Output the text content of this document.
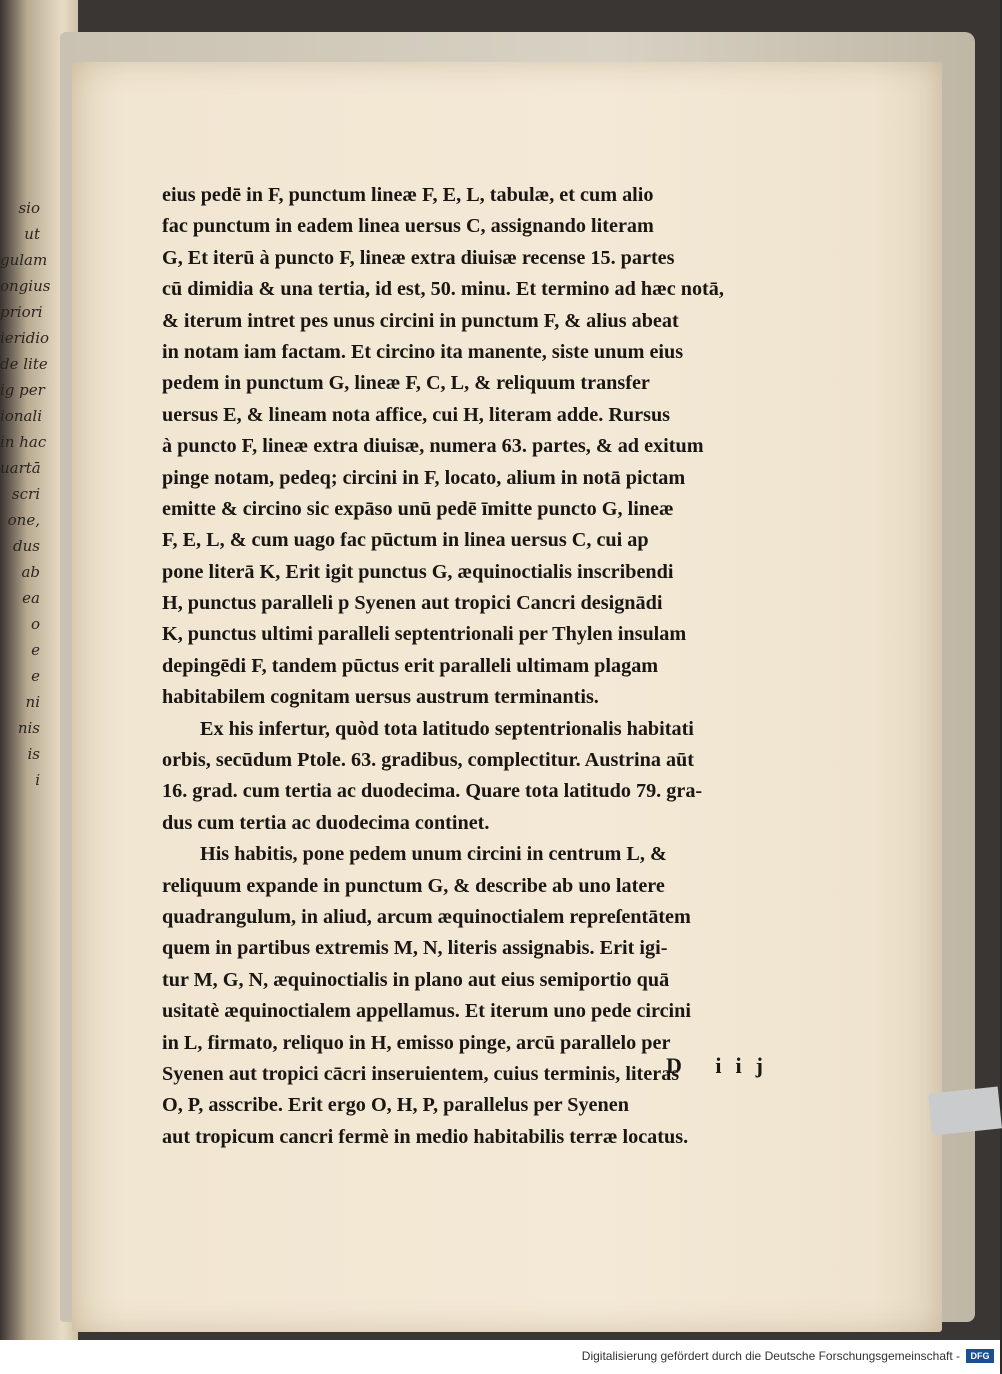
sio
ut
gulam
ongius
priori
ieridio
de lite
ig per
ionali
in hac
uartā
scri
one,
dus
ab
ea
o
e
e
ni
nis
is
i
eius pedē in F, punctum lineæ F, E, L, tabulæ, et cum alio
fac punctum in eadem linea uersus C, assignando literam
G, Et iterū à puncto F, lineæ extra diuisæ recense 15. partes
cū dimidia & una tertia, id est, 50. minu. Et termino ad hæc notā,
& iterum intret pes unus circini in punctum F, & alius abeat
in notam iam factam. Et circino ita manente, siste unum eius
pedem in punctum G, lineæ F, C, L, & reliquum transfer
uersus E, & lineam nota affice, cui H, literam adde. Rursus
à puncto F, lineæ extra diuisæ, numera 63. partes, & ad exitum
pinge notam, pedeq; circini in F, locato, alium in notā pictam
emitte & circino sic expāso unū pedē īmitte puncto G, lineæ
F, E, L, & cum uago fac pūctum in linea uersus C, cui ap
pone literā K, Erit igit punctus G, æquinoctialis inscribendi
H, punctus paralleli p Syenen aut tropici Cancri designādi
K, punctus ultimi paralleli septentrionali per Thylen insulam
depingēdi F, tandem pūctus erit paralleli ultimam plagam
habitabilem cognitam uersus austrum terminantis.
Ex his infertur, quòd tota latitudo septentrionalis habitati
orbis, secūdum Ptole. 63. gradibus, complectitur. Austrina aūt
16. grad. cum tertia ac duodecima. Quare tota latitudo 79. gra-
dus cum tertia ac duodecima continet.
His habitis, pone pedem unum circini in centrum L, &
reliquum expande in punctum G, & describe ab uno latere
quadrangulum, in aliud, arcum æquinoctialem repreſentātem
quem in partibus extremis M, N, literis assignabis. Erit igi-
tur M, G, N, æquinoctialis in plano aut eius semiportio quā
usitatè æquinoctialem appellamus. Et iterum uno pede circini
in L, firmato, reliquo in H, emisso pinge, arcū parallelo per
Syenen aut tropici cācri inseruientem, cuius terminis, literas
O, P, asscribe. Erit ergo O, H, P, parallelus per Syenen
aut tropicum cancri fermè in medio habitabilis terræ locatus.
D iij
Digitalisierung gefördert durch die Deutsche Forschungsgemeinschaft -	DFG
